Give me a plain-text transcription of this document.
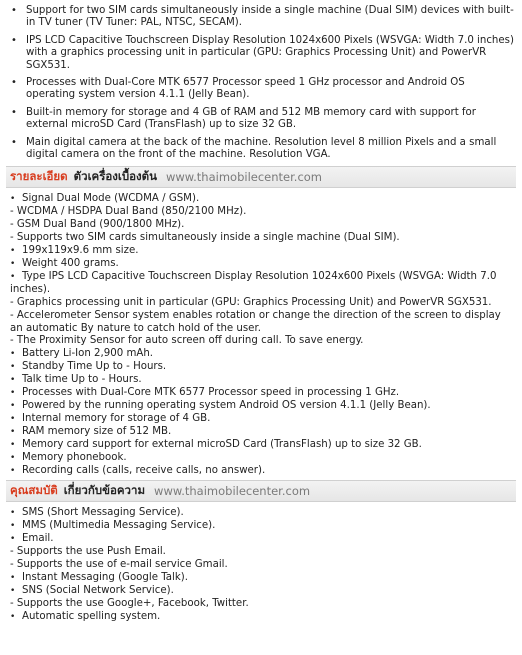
• Support for two SIM cards simultaneously inside a single machine (Dual SIM) devices with built-in TV tuner (TV Tuner: PAL, NTSC, SECAM).
• IPS LCD Capacitive Touchscreen Display Resolution 1024x600 Pixels (WSVGA: Width 7.0 inches) with a graphics processing unit in particular (GPU: Graphics Processing Unit) and PowerVR SGX531.
• Processes with Dual-Core MTK 6577 Processor speed 1 GHz processor and Android OS operating system version 4.1.1 (Jelly Bean).
• Built-in memory for storage and 4 GB of RAM and 512 MB memory card with support for external microSD Card (TransFlash) up to size 32 GB.
• Main digital camera at the back of the machine. Resolution level 8 million Pixels and a small digital camera on the front of the machine. Resolution VGA.
รายละเอียด ตัวเครื่องเบื้องต้น www.thaimobilecenter.com
• Signal Dual Mode (WCDMA / GSM).
- WCDMA / HSDPA Dual Band (850/2100 MHz).
- GSM Dual Band (900/1800 MHz).
- Supports two SIM cards simultaneously inside a single machine (Dual SIM).
• 199x119x9.6 mm size.
• Weight 400 grams.
• Type IPS LCD Capacitive Touchscreen Display Resolution 1024x600 Pixels (WSVGA: Width 7.0 inches).
- Graphics processing unit in particular (GPU: Graphics Processing Unit) and PowerVR SGX531.
- Accelerometer Sensor system enables rotation or change the direction of the screen to display an automatic By nature to catch hold of the user.
- The Proximity Sensor for auto screen off during call. To save energy.
• Battery Li-Ion 2,900 mAh.
• Standby Time Up to - Hours.
• Talk time Up to - Hours.
• Processes with Dual-Core MTK 6577 Processor speed in processing 1 GHz.
• Powered by the running operating system Android OS version 4.1.1 (Jelly Bean).
• Internal memory for storage of 4 GB.
• RAM memory size of 512 MB.
• Memory card support for external microSD Card (TransFlash) up to size 32 GB.
• Memory phonebook.
• Recording calls (calls, receive calls, no answer).
คุณสมบัติ เกี่ยวกับข้อความ www.thaimobilecenter.com
• SMS (Short Messaging Service).
• MMS (Multimedia Messaging Service).
• Email.
- Supports the use Push Email.
- Supports the use of e-mail service Gmail.
• Instant Messaging (Google Talk).
• SNS (Social Network Service).
- Supports the use Google+, Facebook, Twitter.
• Automatic spelling system.
